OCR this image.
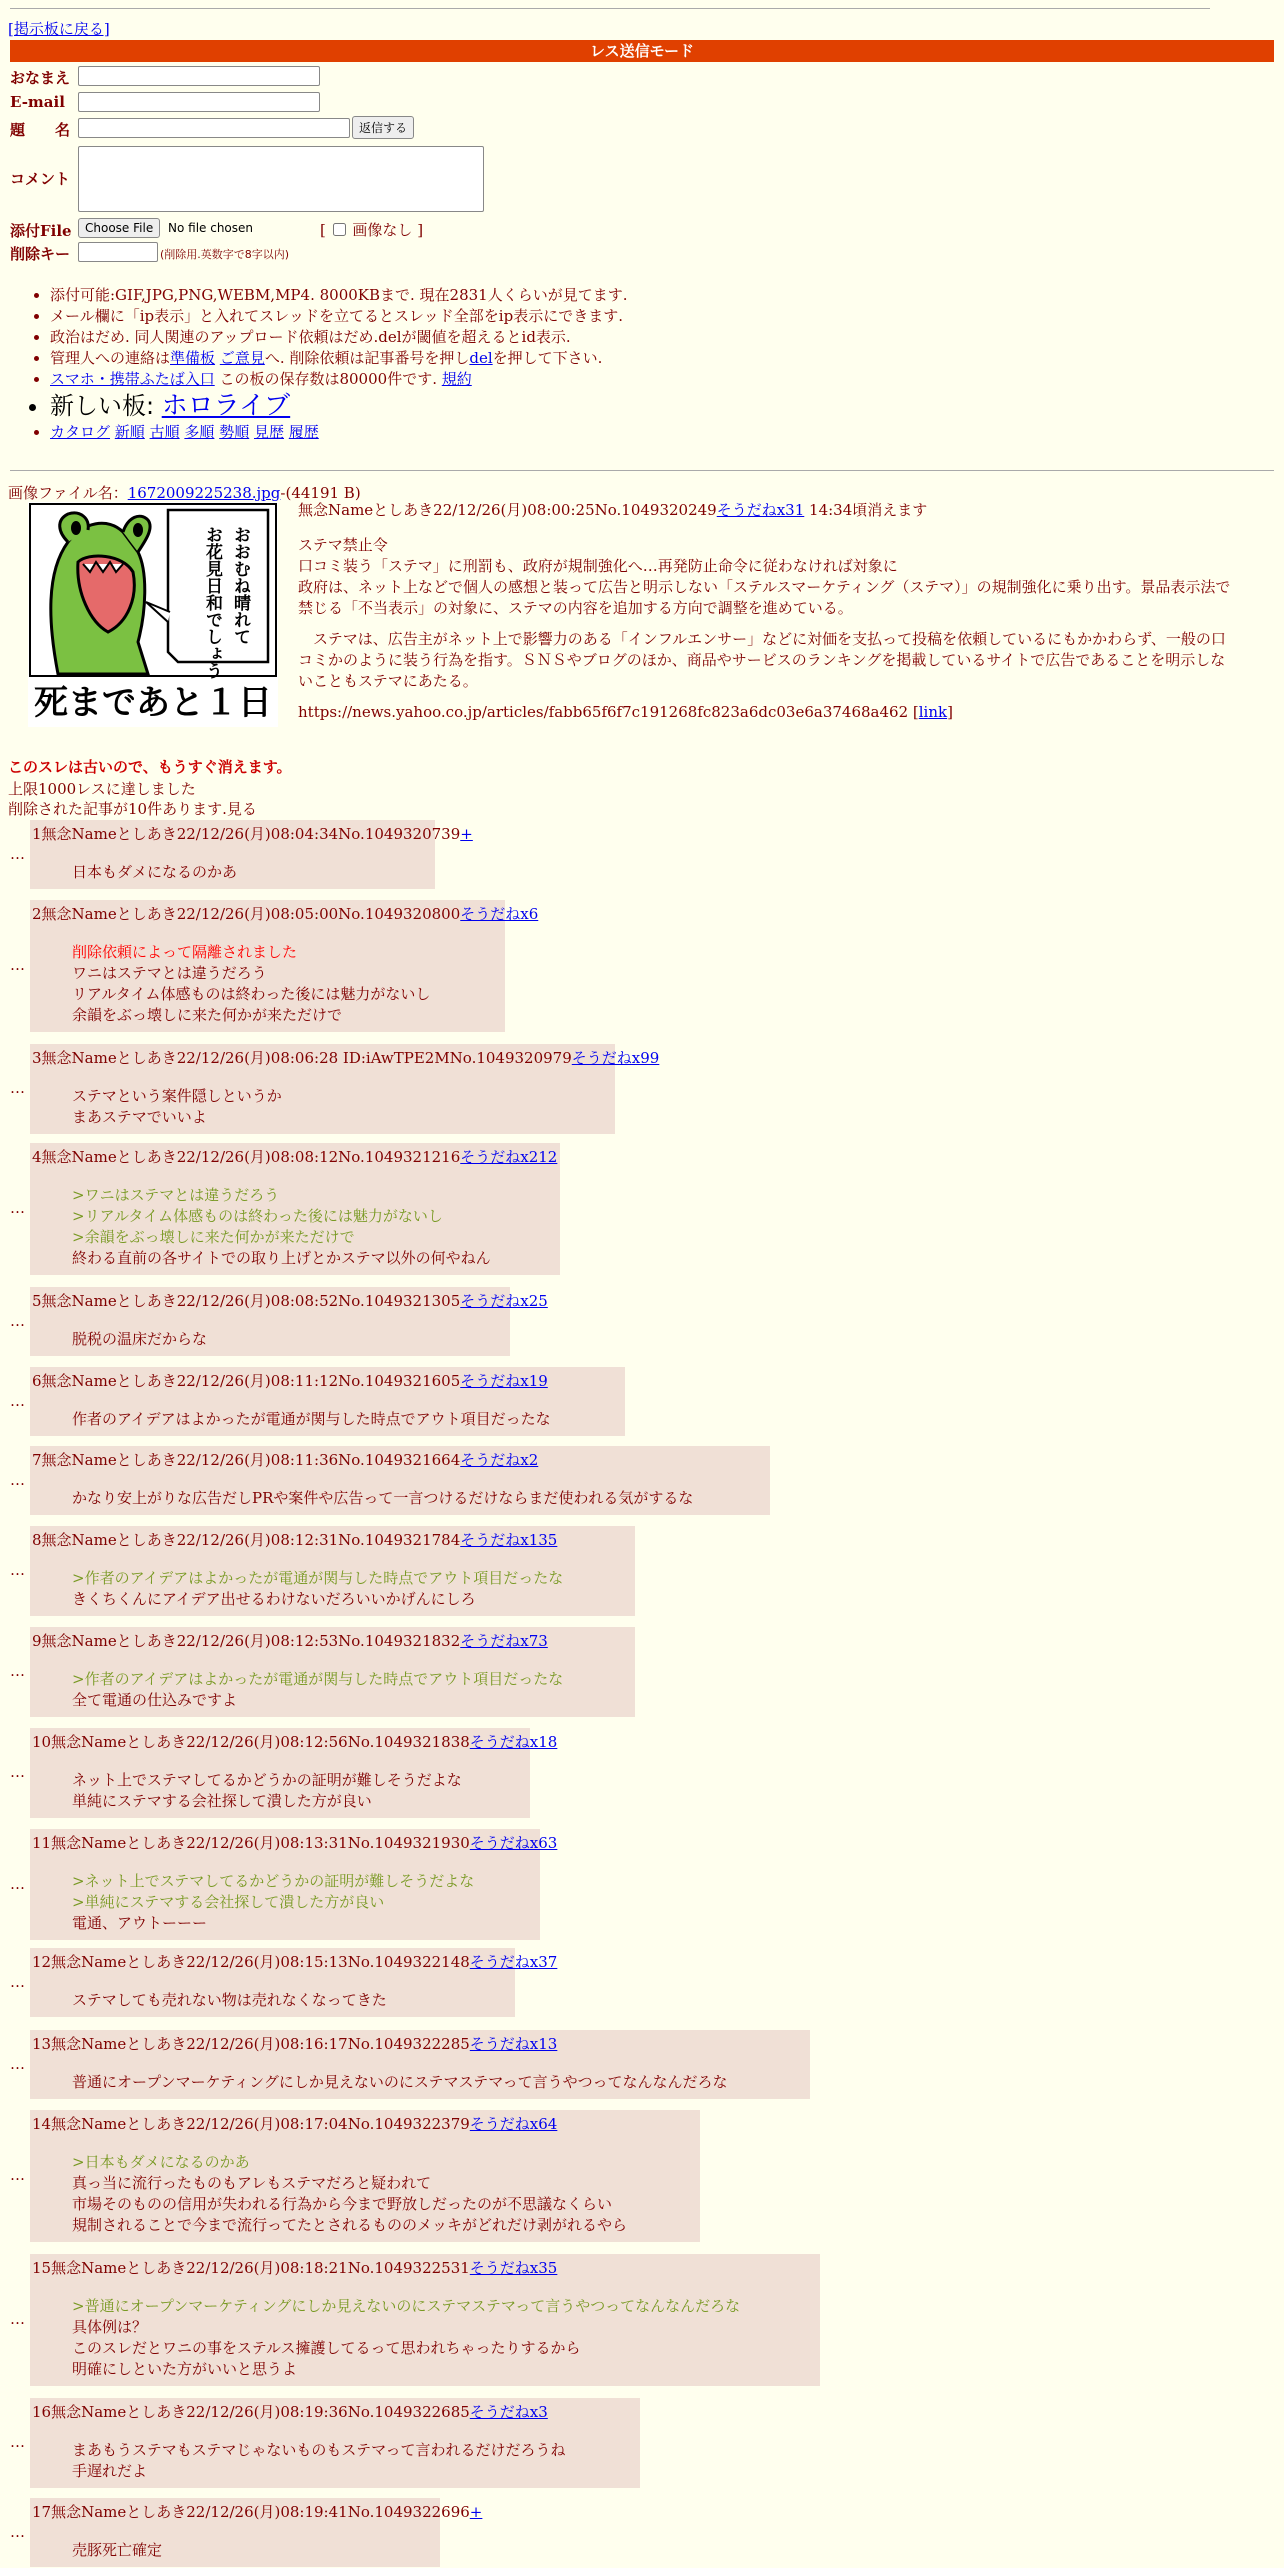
[掲示板に戻る]
レス送信モード
おなまえ
E-mail
題　　名	返信する
コメント
添付File	Choose File	No file chosen	[ 画像なし ]
削除キー	(削除用.英数字で8字以内)
• 添付可能:GIF,JPG,PNG,WEBM,MP4. 8000KBまで. 現在2831人くらいが見てます.
• メール欄に「ip表示」と入れてスレッドを立てるとスレッド全部をip表示にできます.
• 政治はだめ. 同人関連のアップロード依頼はだめ.delが閾値を超えるとid表示.
• 管理人への連絡は準備板 ご意見へ. 削除依頼は記事番号を押しdelを押して下さい.
• スマホ・携帯ふたば入口 この板の保存数は80000件です. 規約
• 新しい板: ホロライブ
• カタログ 新順 古順 多順 勢順 見歴 履歴
画像ファイル名：1672009225238.jpg-(44191 B)
おおむね晴れて
お花見日和でしょう
死まであと１日

無念Nameとしあき22/12/26(月)08:00:25No.1049320249そうだねx31 14:34頃消えます

ステマ禁止令

口コミ装う「ステマ」に刑罰も、政府が規制強化へ…再発防止命令に従わなければ対象に

政府は、ネット上などで個人の感想と装って広告と明示しない「ステルスマーケティング（ステマ）」の規制強化に乗り出す。景品表示法で禁じる「不当表示」の対象に、ステマの内容を追加する方向で調整を進めている。

　ステマは、広告主がネット上で影響力のある「インフルエンサー」などに対価を支払って投稿を依頼しているにもかかわらず、一般の口コミかのように装う行為を指す。ＳＮＳやブログのほか、商品やサービスのランキングを掲載しているサイトで広告であることを明示しないこともステマにあたる。

https://news.yahoo.co.jp/articles/fabb65f6f7c191268fc823a6dc03e6a37468a462 [link]

このスレは古いので、もうすぐ消えます。
上限1000レスに達しました
削除された記事が10件あります.見る
1無念Nameとしあき22/12/26(月)08:04:34No.1049320739+
日本もダメになるのかあ
…
2無念Nameとしあき22/12/26(月)08:05:00No.1049320800そうだねx6
削除依頼によって隔離されました
ワニはステマとは違うだろう
リアルタイム体感ものは終わった後には魅力がないし
余韻をぶっ壊しに来た何かが来ただけで
…
3無念Nameとしあき22/12/26(月)08:06:28 ID:iAwTPE2MNo.1049320979そうだねx99
ステマという案件隠しというか
まあステマでいいよ
…
4無念Nameとしあき22/12/26(月)08:08:12No.1049321216そうだねx212
>ワニはステマとは違うだろう
>リアルタイム体感ものは終わった後には魅力がないし
>余韻をぶっ壊しに来た何かが来ただけで
終わる直前の各サイトでの取り上げとかステマ以外の何やねん
…
5無念Nameとしあき22/12/26(月)08:08:52No.1049321305そうだねx25
脱税の温床だからな
…
6無念Nameとしあき22/12/26(月)08:11:12No.1049321605そうだねx19
作者のアイデアはよかったが電通が関与した時点でアウト項目だったな
…
7無念Nameとしあき22/12/26(月)08:11:36No.1049321664そうだねx2
かなり安上がりな広告だしPRや案件や広告って一言つけるだけならまだ使われる気がするな
…
8無念Nameとしあき22/12/26(月)08:12:31No.1049321784そうだねx135
>作者のアイデアはよかったが電通が関与した時点でアウト項目だったな
きくちくんにアイデア出せるわけないだろいいかげんにしろ
…
9無念Nameとしあき22/12/26(月)08:12:53No.1049321832そうだねx73
>作者のアイデアはよかったが電通が関与した時点でアウト項目だったな
全て電通の仕込みですよ
…
10無念Nameとしあき22/12/26(月)08:12:56No.1049321838そうだねx18
ネット上でステマしてるかどうかの証明が難しそうだよな
単純にステマする会社探して潰した方が良い
…
11無念Nameとしあき22/12/26(月)08:13:31No.1049321930そうだねx63
>ネット上でステマしてるかどうかの証明が難しそうだよな
>単純にステマする会社探して潰した方が良い
電通、アウトーーー
…
12無念Nameとしあき22/12/26(月)08:15:13No.1049322148そうだねx37
ステマしても売れない物は売れなくなってきた
…
13無念Nameとしあき22/12/26(月)08:16:17No.1049322285そうだねx13
普通にオープンマーケティングにしか見えないのにステマステマって言うやつってなんなんだろな
…
14無念Nameとしあき22/12/26(月)08:17:04No.1049322379そうだねx64
>日本もダメになるのかあ
真っ当に流行ったものもアレもステマだろと疑われて
市場そのものの信用が失われる行為から今まで野放しだったのが不思議なくらい
規制されることで今まで流行ってたとされるもののメッキがどれだけ剥がれるやら
…
15無念Nameとしあき22/12/26(月)08:18:21No.1049322531そうだねx35
>普通にオープンマーケティングにしか見えないのにステマステマって言うやつってなんなんだろな
具体例は？
このスレだとワニの事をステルス擁護してるって思われちゃったりするから
明確にしといた方がいいと思うよ
…
16無念Nameとしあき22/12/26(月)08:19:36No.1049322685そうだねx3
まあもうステマもステマじゃないものもステマって言われるだけだろうね
手遅れだよ
…
17無念Nameとしあき22/12/26(月)08:19:41No.1049322696+
売豚死亡確定
…
